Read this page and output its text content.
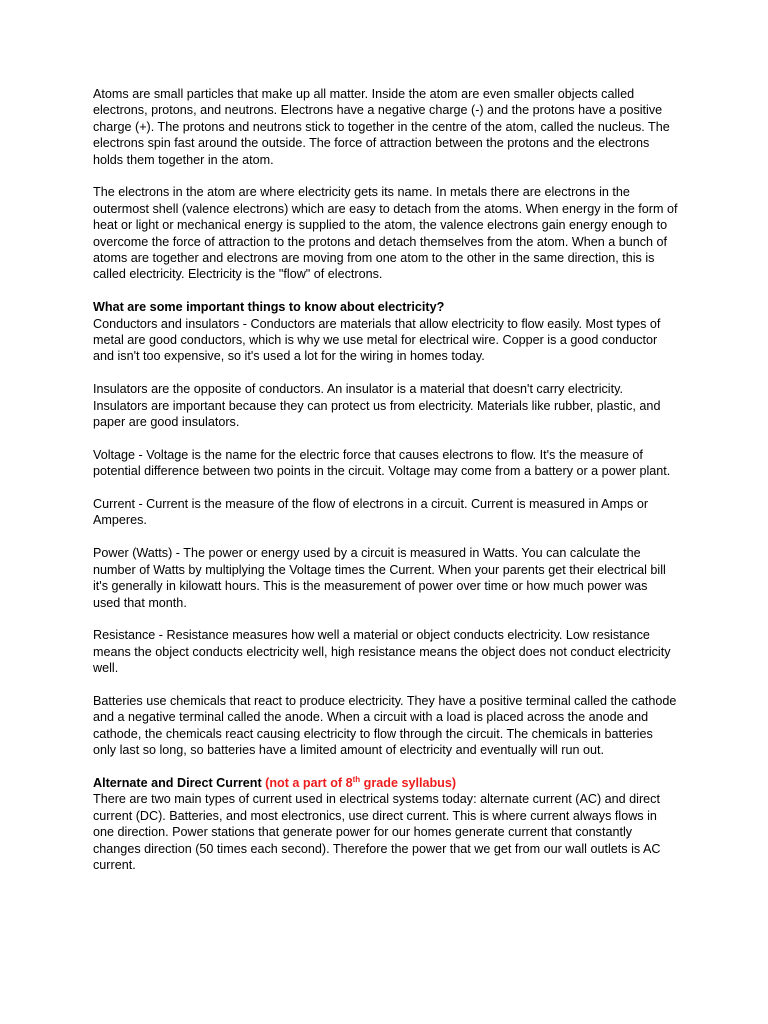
Atoms are small particles that make up all matter. Inside the atom are even smaller objects called electrons, protons, and neutrons. Electrons have a negative charge (-) and the protons have a positive charge (+). The protons and neutrons stick to together in the centre of the atom, called the nucleus. The electrons spin fast around the outside. The force of attraction between the protons and the electrons holds them together in the atom.

The electrons in the atom are where electricity gets its name. In metals there are electrons in the outermost shell (valence electrons) which are easy to detach from the atoms. When energy in the form of heat or light or mechanical energy is supplied to the atom, the valence electrons gain energy enough to overcome the force of attraction to the protons and detach themselves from the atom. When a bunch of atoms are together and electrons are moving from one atom to the other in the same direction, this is called electricity. Electricity is the "flow" of electrons.

What are some important things to know about electricity?

Conductors and insulators - Conductors are materials that allow electricity to flow easily. Most types of metal are good conductors, which is why we use metal for electrical wire. Copper is a good conductor and isn't too expensive, so it's used a lot for the wiring in homes today.

Insulators are the opposite of conductors. An insulator is a material that doesn't carry electricity. Insulators are important because they can protect us from electricity. Materials like rubber, plastic, and paper are good insulators.

Voltage - Voltage is the name for the electric force that causes electrons to flow. It's the measure of potential difference between two points in the circuit. Voltage may come from a battery or a power plant.

Current - Current is the measure of the flow of electrons in a circuit. Current is measured in Amps or Amperes.

Power (Watts) - The power or energy used by a circuit is measured in Watts. You can calculate the number of Watts by multiplying the Voltage times the Current. When your parents get their electrical bill it's generally in kilowatt hours. This is the measurement of power over time or how much power was used that month.

Resistance - Resistance measures how well a material or object conducts electricity. Low resistance means the object conducts electricity well, high resistance means the object does not conduct electricity well.

Batteries use chemicals that react to produce electricity. They have a positive terminal called the cathode and a negative terminal called the anode. When a circuit with a load is placed across the anode and cathode, the chemicals react causing electricity to flow through the circuit. The chemicals in batteries only last so long, so batteries have a limited amount of electricity and eventually will run out.

Alternate and Direct Current (not a part of 8th grade syllabus)

There are two main types of current used in electrical systems today: alternate current (AC) and direct current (DC). Batteries, and most electronics, use direct current. This is where current always flows in one direction. Power stations that generate power for our homes generate current that constantly changes direction (50 times each second). Therefore the power that we get from our wall outlets is AC current.
